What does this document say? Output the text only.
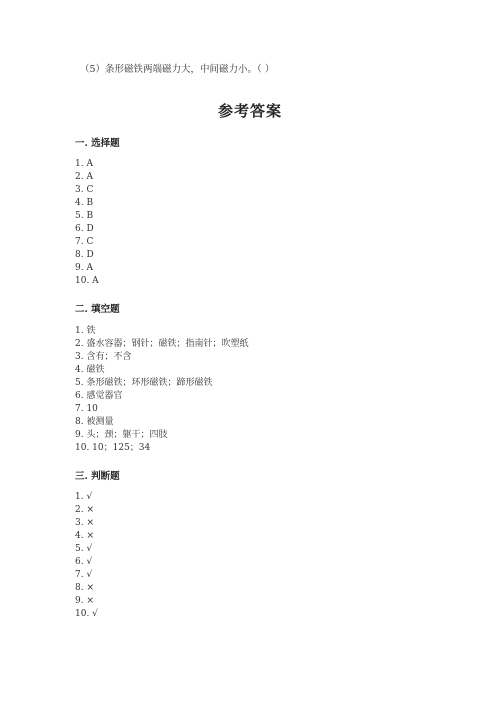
（5）条形磁铁两端磁力大，中间磁力小。（ ）
参考答案
一. 选择题
1. A
2. A
3. C
4. B
5. B
6. D
7. C
8. D
9. A
10. A
二. 填空题
1. 铁
2. 盛水容器；钢针；磁铁；指南针；吹塑纸
3. 含有；不含
4. 磁铁
5. 条形磁铁；环形磁铁；蹄形磁铁
6. 感觉器官
7. 10
8. 被测量
9. 头；颈；躯干；四肢
10. 10；125；34
三. 判断题
1. √
2. ×
3. ×
4. ×
5. √
6. √
7. √
8. ×
9. ×
10. √
